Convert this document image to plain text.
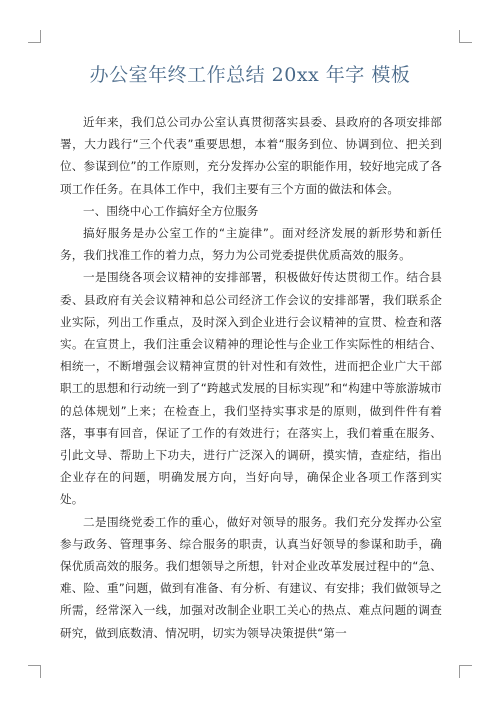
办公室年终工作总结 20xx 年字 模板

近年来，我们总公司办公室认真贯彻落实县委、县政府的各项安排部署，大力践行“三个代表”重要思想，本着“服务到位、协调到位、把关到位、参谋到位”的工作原则，充分发挥办公室的职能作用，较好地完成了各项工作任务。在具体工作中，我们主要有三个方面的做法和体会。

一、围绕中心工作搞好全方位服务

搞好服务是办公室工作的“主旋律”。面对经济发展的新形势和新任务，我们找准工作的着力点，努力为公司党委提供优质高效的服务。

一是围绕各项会议精神的安排部署，积极做好传达贯彻工作。结合县委、县政府有关会议精神和总公司经济工作会议的安排部署，我们联系企业实际，列出工作重点，及时深入到企业进行会议精神的宣贯、检查和落实。在宣贯上，我们注重会议精神的理论性与企业工作实际性的相结合、相统一，不断增强会议精神宣贯的针对性和有效性，进而把企业广大干部职工的思想和行动统一到了“跨越式发展的目标实现”和“构建中等旅游城市的总体规划”上来；在检查上，我们坚持实事求是的原则，做到件件有着落，事事有回音，保证了工作的有效进行；在落实上，我们着重在服务、引此文导、帮助上下功夫，进行广泛深入的调研，摸实情，查症结，指出企业存在的问题，明确发展方向，当好向导，确保企业各项工作落到实处。

二是围绕党委工作的重心，做好对领导的服务。我们充分发挥办公室参与政务、管理事务、综合服务的职责，认真当好领导的参谋和助手，确保优质高效的服务。我们想领导之所想，针对企业改革发展过程中的“急、难、险、重”问题，做到有准备、有分析、有建议、有安排；我们做领导之所需，经常深入一线，加强对改制企业职工关心的热点、难点问题的调查研究，做到底数清、情况明，切实为领导决策提供“第一
